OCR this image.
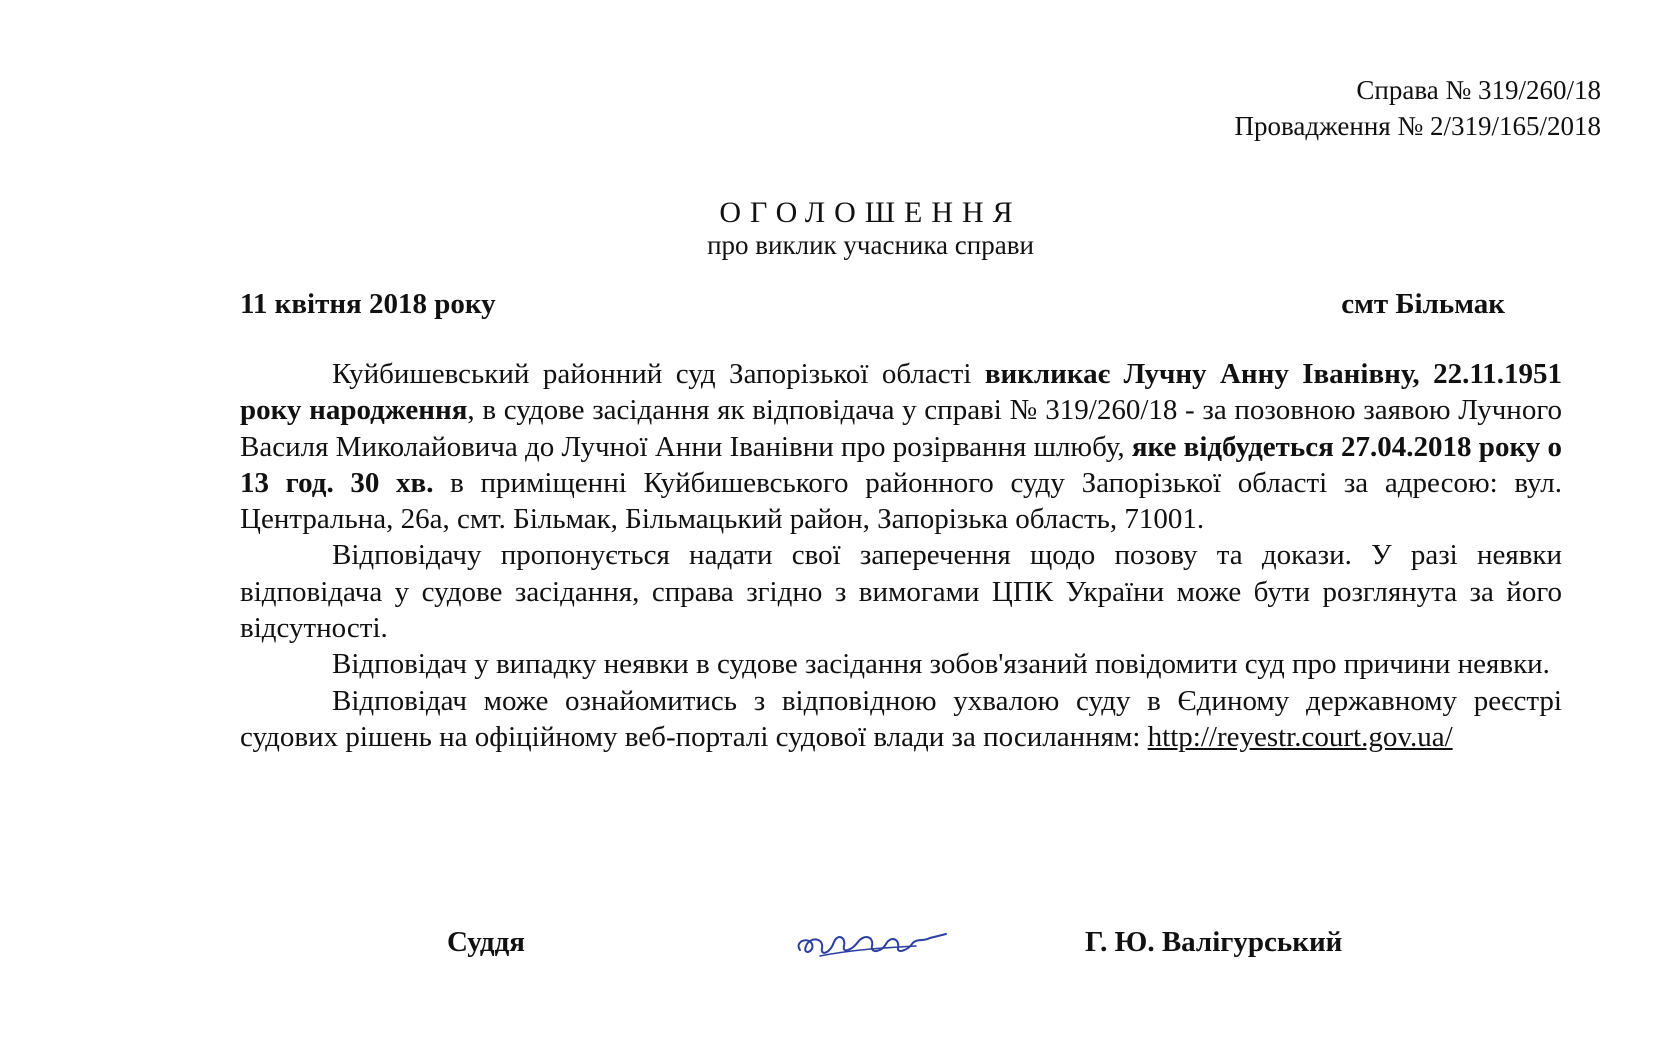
Справа № 319/260/18
Провадження № 2/319/165/2018
ОГОЛОШЕННЯ
про виклик учасника справи
11 квітня 2018 року	смт Більмак

Куйбишевський районний суд Запорізької області викликає Лучну Анну Іванівну, 22.11.1951 року народження, в судове засідання як відповідача у справі № 319/260/18 - за позовною заявою Лучного Василя Миколайовича до Лучної Анни Іванівни про розірвання шлюбу, яке відбудеться 27.04.2018 року о 13 год. 30 хв. в приміщенні Куйбишевського районного суду Запорізької області за адресою: вул. Центральна, 26а, смт. Більмак, Більмацький район, Запорізька область, 71001.

Відповідачу пропонується надати свої заперечення щодо позову та докази. У разі неявки відповідача у судове засідання, справа згідно з вимогами ЦПК України може бути розглянута за його відсутності.

Відповідач у випадку неявки в судове засідання зобов'язаний повідомити суд про причини неявки.

Відповідач може ознайомитись з відповідною ухвалою суду в Єдиному державному реєстрі судових рішень на офіційному веб-порталі судової влади за посиланням: http://reyestr.court.gov.ua/

Суддя	Г. Ю. Валігурський
